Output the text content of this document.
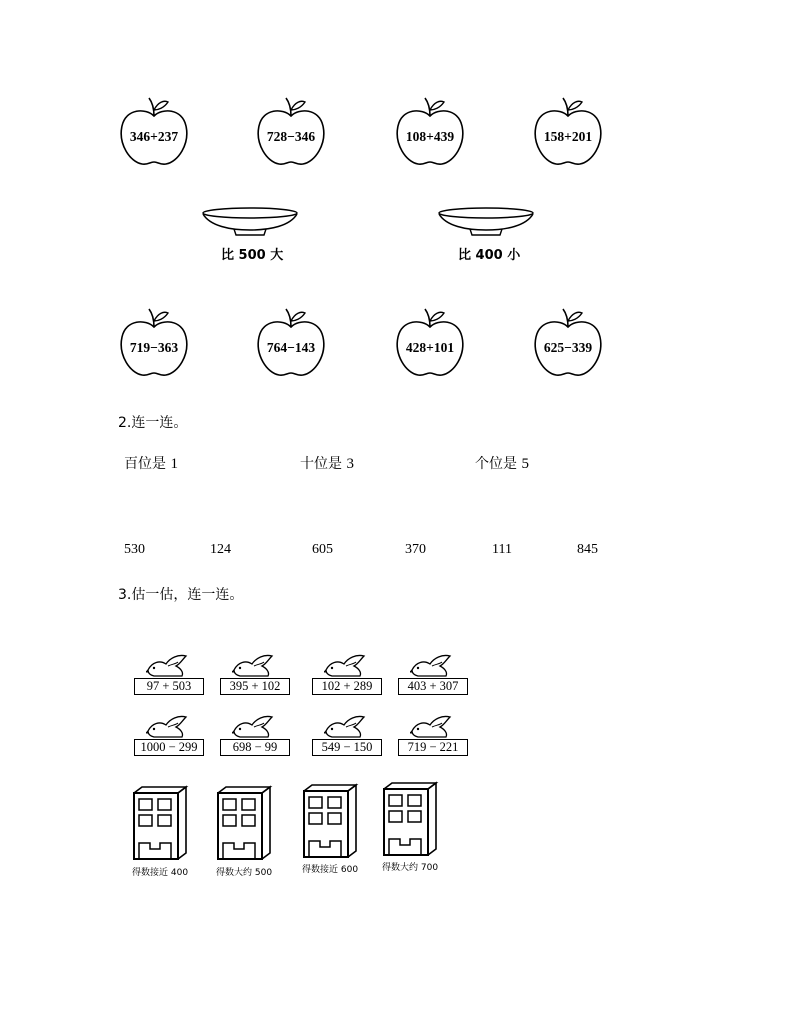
346+237	728−346	108+439	158+201
比 500 大	比 400 小
719−363	764−143	428+101	625−339
2.连一连。
百位是 1	十位是 3	个位是 5
530	124	605	370	111	845
3.估一估，连一连。
97 + 503	395 + 102	102 + 289	403 + 307
1000 − 299	698 − 99	549 − 150	719 − 221
得数接近 400	得数大约 500	得数接近 600	得数大约 700
